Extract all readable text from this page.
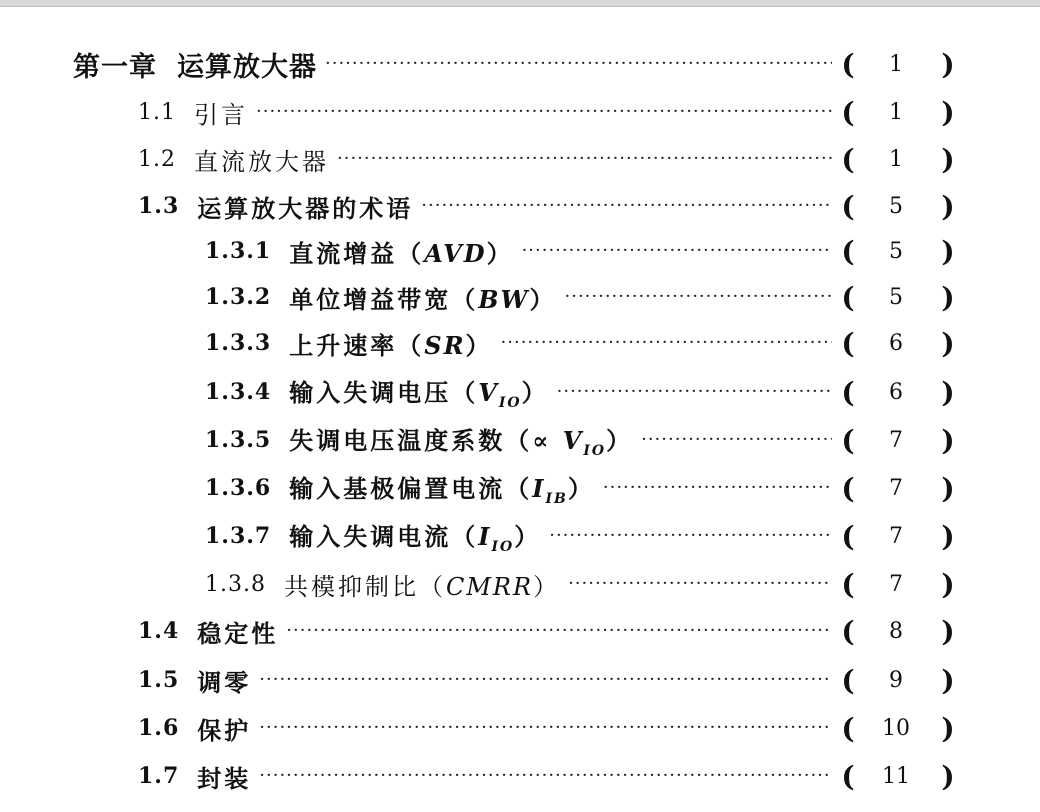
第一章 运算放大器 ·····	(	1	)
1.1 引言 ·····	(	1	)
1.2 直流放大器 ·····	(	1	)
1.3 运算放大器的术语 ·····	(	5	)
1.3.1 直流增益（AVD） ·····	(	5	)
1.3.2 单位增益带宽（BW） ·····	(	5	)
1.3.3 上升速率（SR） ·····	(	6	)
1.3.4 输入失调电压$(V_{IO})$ ·····	(	6	)
1.3.5 失调电压温度系数（∝ $V_{IO}$） ·····	(	7	)
1.3.6 输入基极偏置电流$(I_{IB})$ ·····	(	7	)
1.3.7 输入失调电流$(I_{IO})$ ·····	(	7	)
1.3.8 共模抑制比（CMRR） ·····	(	7	)
1.4 稳定性 ·····	(	8	)
1.5 调零 ·····	(	9	)
1.6 保护 ·····	(	10	)
1.7 封装 ·····	(	11	)
